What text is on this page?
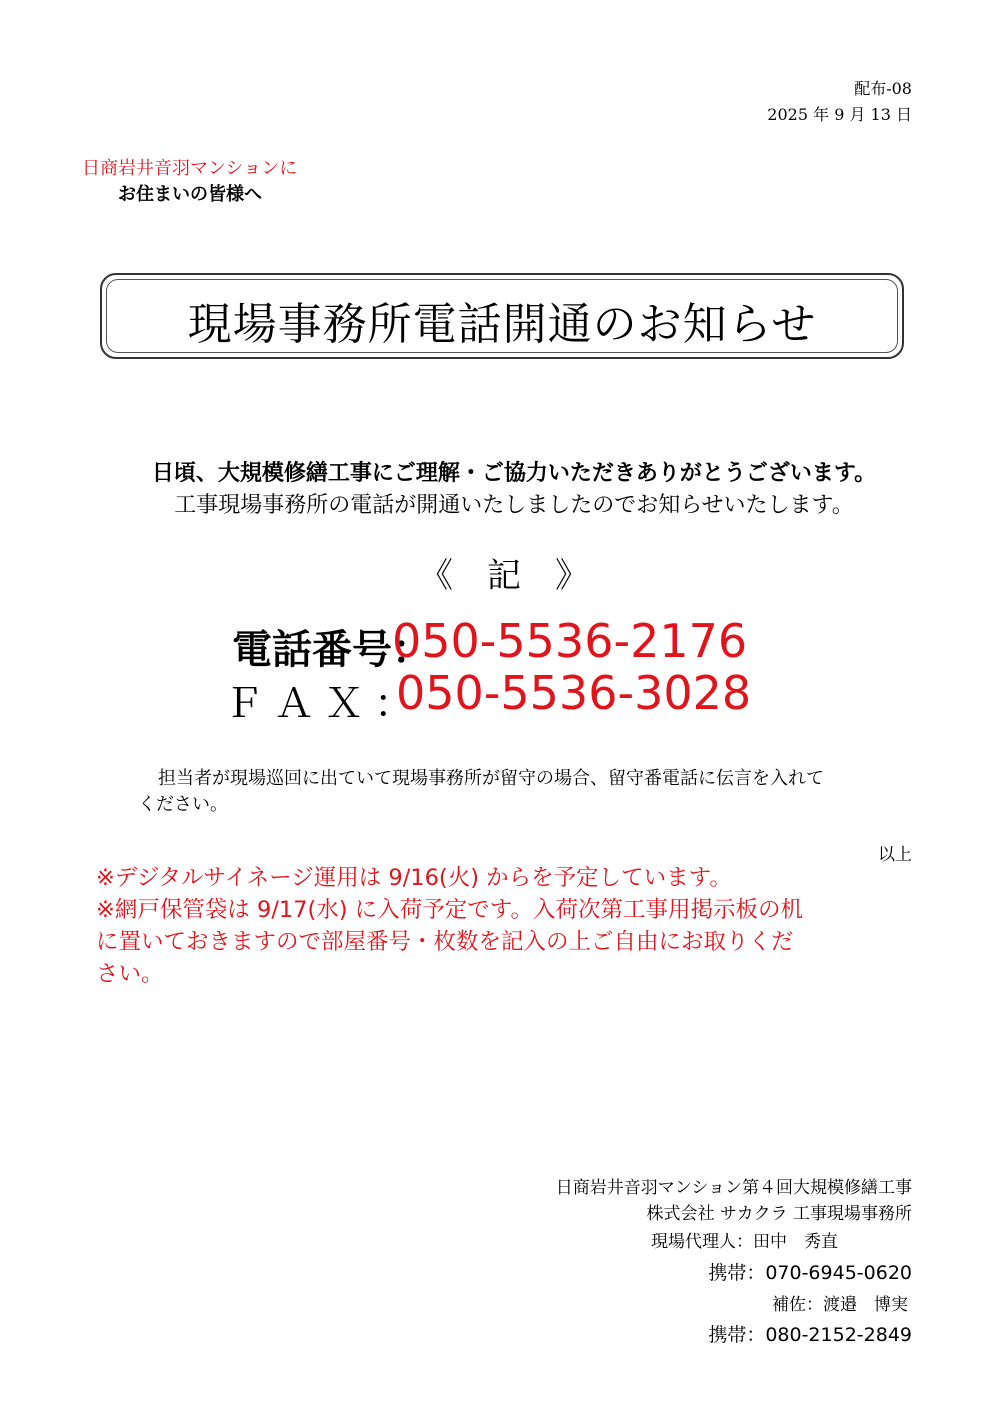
配布-08
2025 年 9 月 13 日
日商岩井音羽マンションに
お住まいの皆様へ
現場事務所電話開通のお知らせ
日頃、大規模修繕工事にご理解・ご協力いただきありがとうございます。
工事現場事務所の電話が開通いたしましたのでお知らせいたします。
《　記　》
電話番号：
050-5536-2176
ＦＡＸ：
050-5536-3028
担当者が現場巡回に出ていて現場事務所が留守の場合、留守番電話に伝言を入れて
ください。
以上
※デジタルサイネージ運用は 9/16(火) からを予定しています。
※網戸保管袋は 9/17(水) に入荷予定です。入荷次第工事用掲示板の机
に置いておきますので部屋番号・枚数を記入の上ご自由にお取りくだ
さい。
日商岩井音羽マンション第４回大規模修繕工事
株式会社 サカクラ 工事現場事務所
現場代理人：田中　秀直
携帯：070-6945-0620
補佐：渡邉　博実
携帯：080-2152-2849
